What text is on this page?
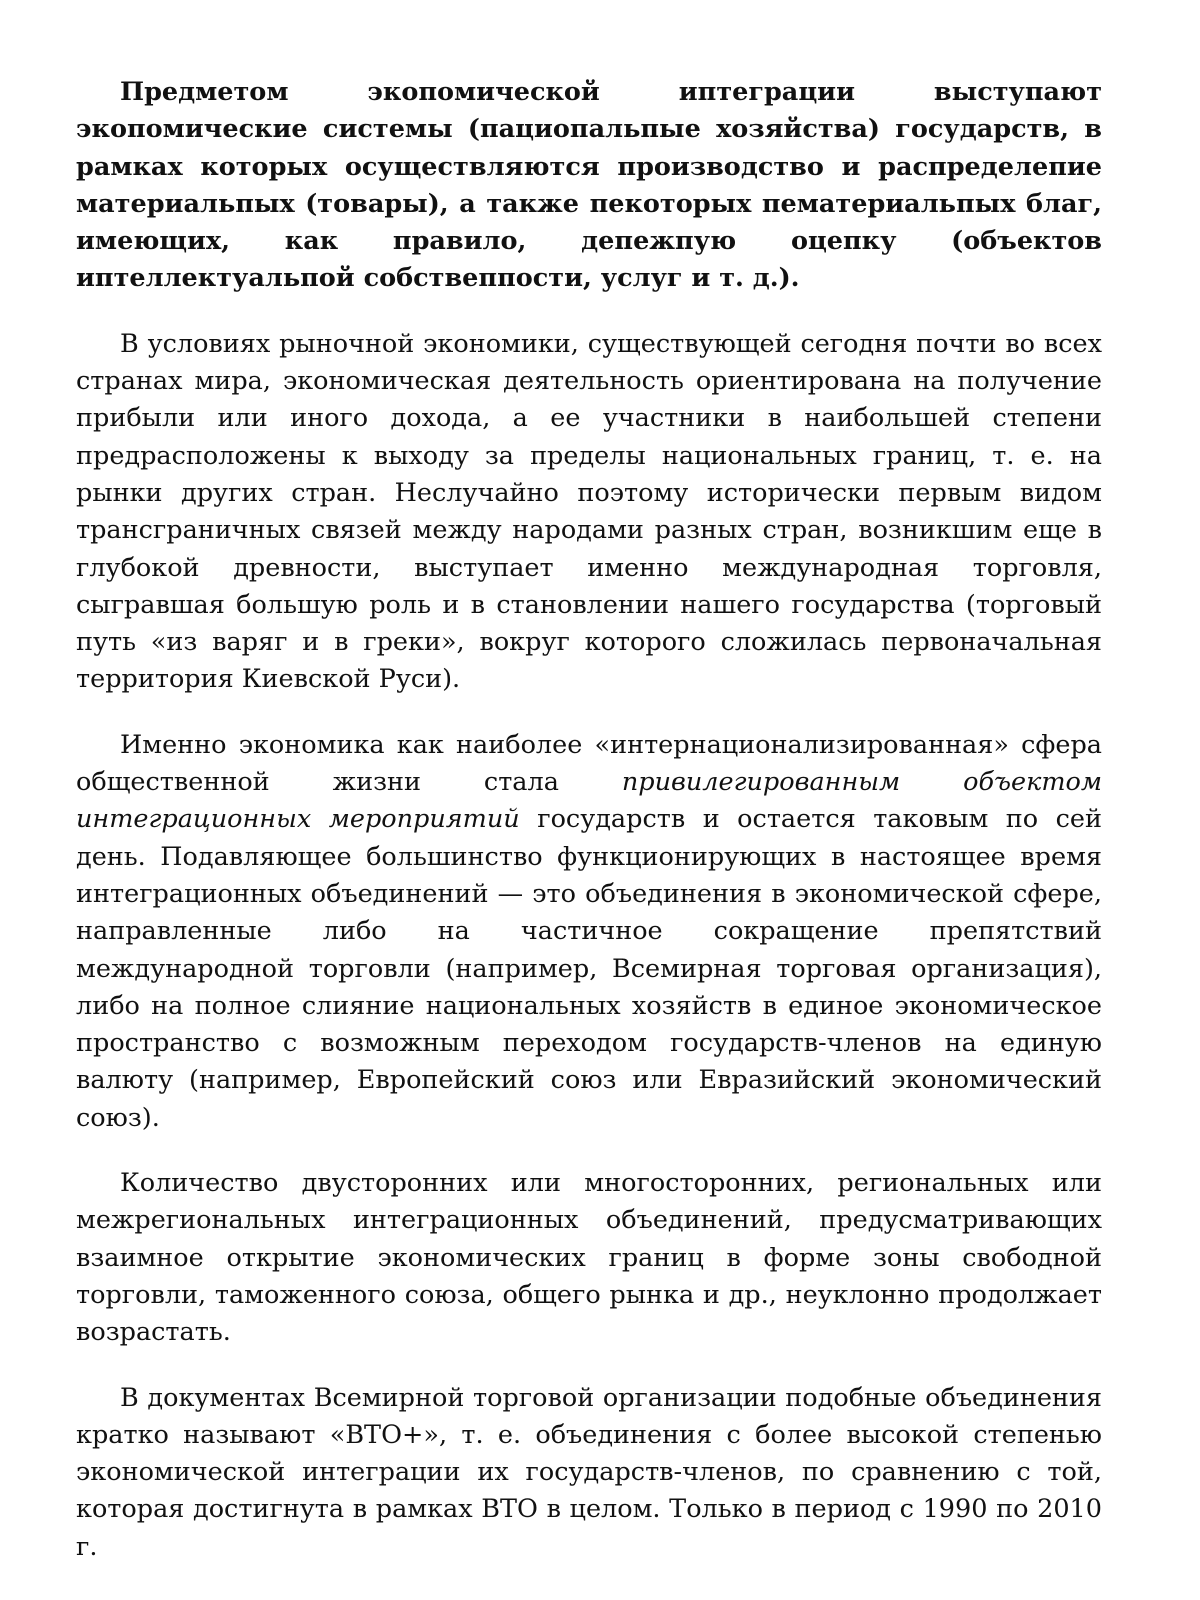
Предметом экопомической иптеграции выступают экопомические системы (пациопальпые хозяйства) государств, в рамках которых осуществляются производство и распределепие материальпых (товары), а также пекоторых пематериальпых благ, имеющих, как правило, депежпую оцепку (объектов иптеллектуальпой собствеппости, услуг и т. д.).

В условиях рыночной экономики, существующей сегодня почти во всех странах мира, экономическая деятельность ориентирована на получение прибыли или иного дохода, а ее участники в наибольшей степени предрасположены к выходу за пределы национальных границ, т. е. на рынки других стран. Неслучайно поэтому исторически первым видом трансграничных связей между народами разных стран, возникшим еще в глубокой древности, выступает именно международная торговля, сыгравшая большую роль и в становлении нашего государства (торговый путь «из варяг и в греки», вокруг которого сложилась первоначальная территория Киевской Руси).

Именно экономика как наиболее «интернационализированная» сфера общественной жизни стала привилегированным объектом интеграционных мероприятий государств и остается таковым по сей день. Подавляющее большинство функционирующих в настоящее время интеграционных объединений — это объединения в экономической сфере, направленные либо на частичное сокращение препятствий международной торговли (например, Всемирная торговая организация), либо на полное слияние национальных хозяйств в единое экономическое пространство с возможным переходом государств-членов на единую валюту (например, Европейский союз или Евразийский экономический союз).

Количество двусторонних или многосторонних, региональных или межрегиональных интеграционных объединений, предусматривающих взаимное открытие экономических границ в форме зоны свободной торговли, таможенного союза, общего рынка и др., неуклонно продолжает возрастать.

В документах Всемирной торговой организации подобные объединения кратко называют «ВТО+», т. е. объединения с более высокой степенью экономической интеграции их государств-членов, по сравнению с той, которая достигнута в рамках ВТО в целом. Только в период с 1990 по 2010 г.
